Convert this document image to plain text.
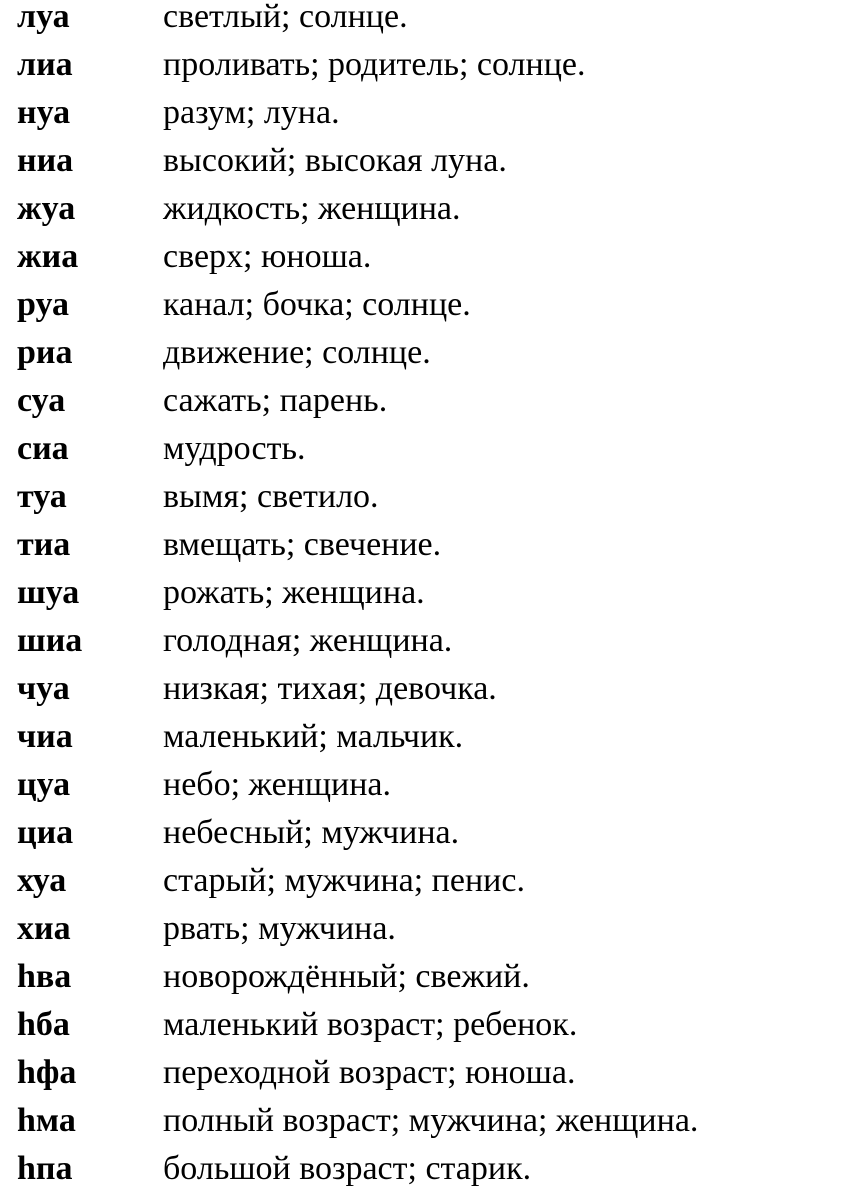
луа	светлый; солнце.
лиа	проливать; родитель; солнце.
нуа	разум; луна.
ниа	высокий; высокая луна.
жуа	жидкость; женщина.
жиа сверх; юноша.
руа	канал; бочка; солнце.
риа	движение; солнце.
суа	сажать; парень.
сиа	мудрость.
туа	вымя; светило.
тиа	вмещать; свечение.
шуа рожать; женщина.
шиа голодная; женщина.
чуа	низкая; тихая; девочка.
чиа	маленький; мальчик.
цуа	небо; женщина.
циа	небесный; мужчина.
хуа	старый; мужчина; пенис.
хиа	рвать; мужчина.
hва	новорождённый; свежий.
hба	маленький возраст; ребенок.
hфа	переходной возраст; юноша.
hма	полный возраст; мужчина; женщина.
hпа	большой возраст; старик.
